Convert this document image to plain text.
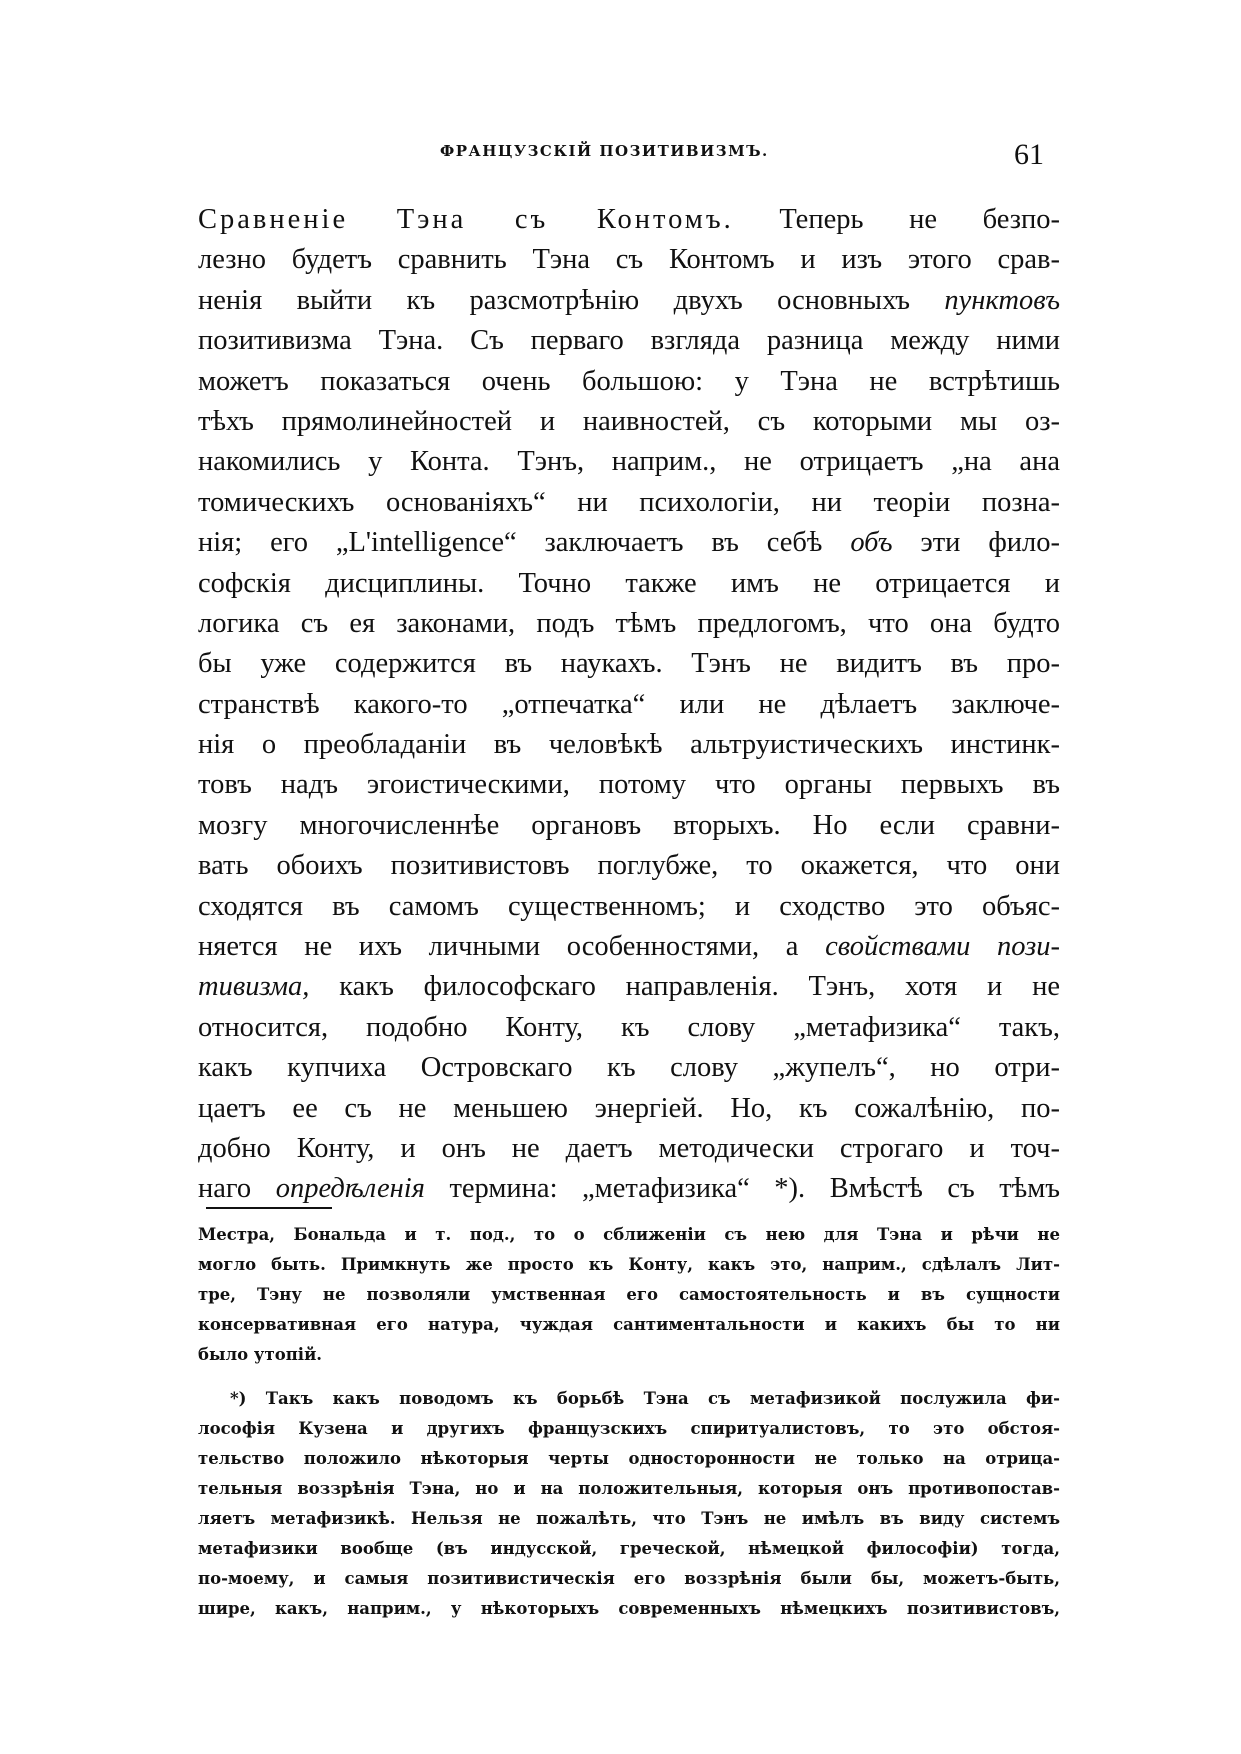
ФРАНЦУЗСКІЙ ПОЗИТИВИЗМЪ.	61
Сравненіе Тэна съ Контомъ. Теперь не безпо-
лезно будетъ сравнить Тэна съ Контомъ и изъ этого срав-
ненія выйти къ разсмотрѣнію двухъ основныхъ пунктовъ
позитивизма Тэна. Съ перваго взгляда разница между ними
можетъ показаться очень большою: у Тэна не встрѣтишь
тѣхъ прямолинейностей и наивностей, съ которыми мы оз-
накомились у Конта. Тэнъ, наприм., не отрицаетъ „на ана
томическихъ основаніяхъ“ ни психологіи, ни теоріи позна-
нія; его „L'intelligence“ заключаетъ въ себѣ объ эти фило-
софскія дисциплины. Точно также имъ не отрицается и
логика съ ея законами, подъ тѣмъ предлогомъ, что она будто
бы уже содержится въ наукахъ. Тэнъ не видитъ въ про-
странствѣ какого-то „отпечатка“ или не дѣлаетъ заключе-
нія о преобладаніи въ человѣкѣ альтруистическихъ инстинк-
товъ надъ эгоистическими, потому что органы первыхъ въ
мозгу многочисленнѣе органовъ вторыхъ. Но если сравни-
вать обоихъ позитивистовъ поглубже, то окажется, что они
сходятся въ самомъ существенномъ; и сходство это объяс-
няется не ихъ личными особенностями, а свойствами пози-
тивизма, какъ философскаго направленія. Тэнъ, хотя и не
относится, подобно Конту, къ слову „метафизика“ такъ,
какъ купчиха Островскаго къ слову „жупелъ“, но отри-
цаетъ ее съ не меньшею энергіей. Но, къ сожалѣнію, по-
добно Конту, и онъ не даетъ методически строгаго и точ-
наго опредѣленія термина: „метафизика“ *). Вмѣстѣ съ тѣмъ
Местра, Бональда и т. под., то о сближеніи съ нею для Тэна и рѣчи не
могло быть. Примкнуть же просто къ Конту, какъ это, наприм., сдѣлалъ Лит-
тре, Тэну не позволяли умственная его самостоятельность и въ сущности
консервативная его натура, чуждая сантиментальности и какихъ бы то ни
было утопій.
*) Такъ какъ поводомъ къ борьбѣ Тэна съ метафизикой послужила фи-
лософія Кузена и другихъ французскихъ спиритуалистовъ, то это обстоя-
тельство положило нѣкоторыя черты односторонности не только на отрица-
тельныя воззрѣнія Тэна, но и на положительныя, которыя онъ противопостав-
ляетъ метафизикѣ. Нельзя не пожалѣть, что Тэнъ не имѣлъ въ виду системъ
метафизики вообще (въ индусской, греческой, нѣмецкой философіи) тогда,
по-моему, и самыя позитивистическія его воззрѣнія были бы, можетъ-быть,
шире, какъ, наприм., у нѣкоторыхъ современныхъ нѣмецкихъ позитивистовъ,
